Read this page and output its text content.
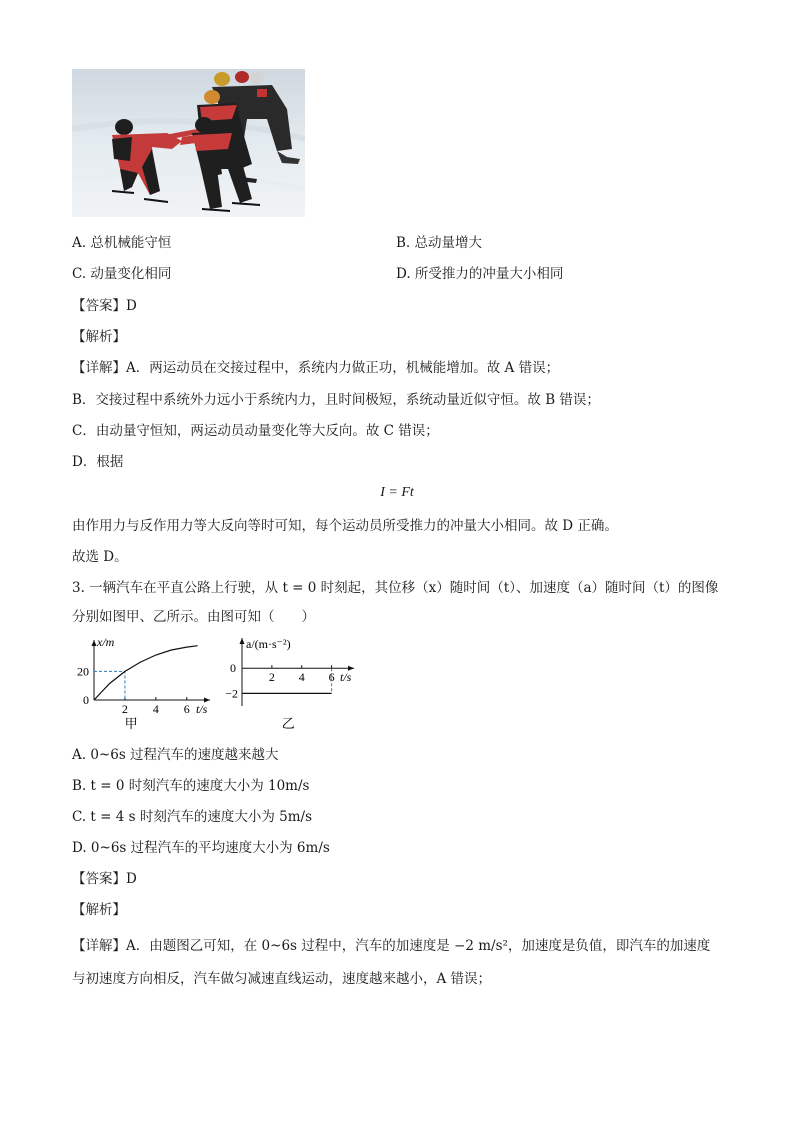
A. 总机械能守恒	B. 总动量增大
C. 动量变化相同	D. 所受推力的冲量大小相同
【答案】D
【解析】
【详解】A．两运动员在交接过程中，系统内力做正功，机械能增加。故 A 错误；
B．交接过程中系统外力远小于系统内力，且时间极短，系统动量近似守恒。故 B 错误；
C．由动量守恒知，两运动员动量变化等大反向。故 C 错误；
D．根据
I = Ft
由作用力与反作用力等大反向等时可知，每个运动员所受推力的冲量大小相同。故 D 正确。
故选 D。
3. 一辆汽车在平直公路上行驶，从 t = 0 时刻起，其位移（x）随时间（t）、加速度（a）随时间（t）的图像
分别如图甲、乙所示。由图可知（　　）
2 4 6
0
20
t/s
x/m
甲
2 4 6
0
−2
t/s
a/(m·s⁻²)
乙
A. 0~6s 过程汽车的速度越来越大
B. t = 0 时刻汽车的速度大小为 10m/s
C. t = 4 s 时刻汽车的速度大小为 5m/s
D. 0~6s 过程汽车的平均速度大小为 6m/s
【答案】D
【解析】
【详解】A．由题图乙可知，在 0~6s 过程中，汽车的加速度是 −2 m/s²，加速度是负值，即汽车的加速度
与初速度方向相反，汽车做匀减速直线运动，速度越来越小，A 错误；
